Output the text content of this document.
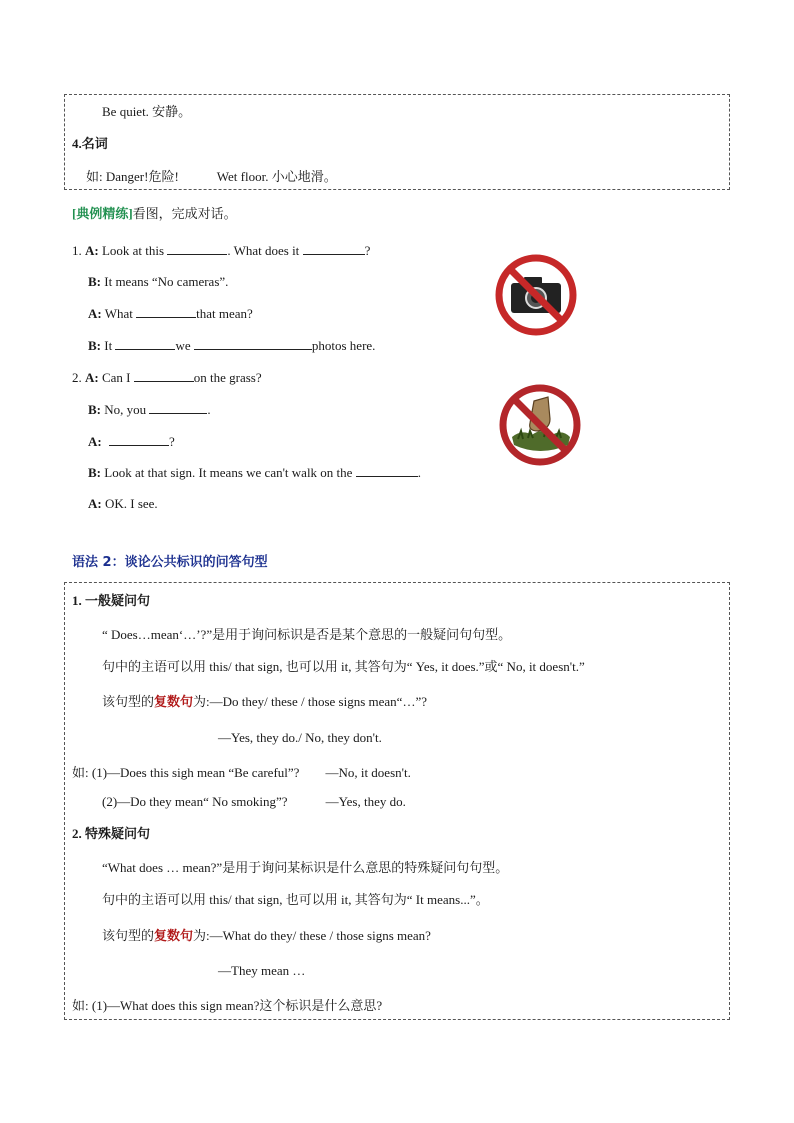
Be quiet. 安静。
4.名词
如: Danger!危险!	Wet floor. 小心地滑。
[典例精练]看图，完成对话。
1. A: Look at this	. What does it	?
B: It means “No cameras”.
A: What	that mean?
B: It	we	photos here.
2. A: Can I	on the grass?
B: No, you	.
A:	?
B: Look at that sign. It means we can't walk on the	.
A: OK. I see.
语法 2：谈论公共标识的问答句型
1. 一般疑问句
“ Does…mean‘…’?”是用于询问标识是否是某个意思的一般疑问句句型。
句中的主语可以用 this/ that sign, 也可以用 it, 其答句为“ Yes, it does.”或“ No, it doesn't.”
该句型的复数句为:—Do they/ these / those signs mean“…”?
—Yes, they do./ No, they don't.
如: (1)—Does this sigh mean “Be careful”? —No, it doesn't.
(2)—Do they mean“ No smoking”?	—Yes, they do.
2. 特殊疑问句
“What does … mean?”是用于询问某标识是什么意思的特殊疑问句句型。
句中的主语可以用 this/ that sign, 也可以用 it, 其答句为“ It means...”。
该句型的复数句为:—What do they/ these / those signs mean?
—They mean …
如: (1)—What does this sign mean?这个标识是什么意思?
